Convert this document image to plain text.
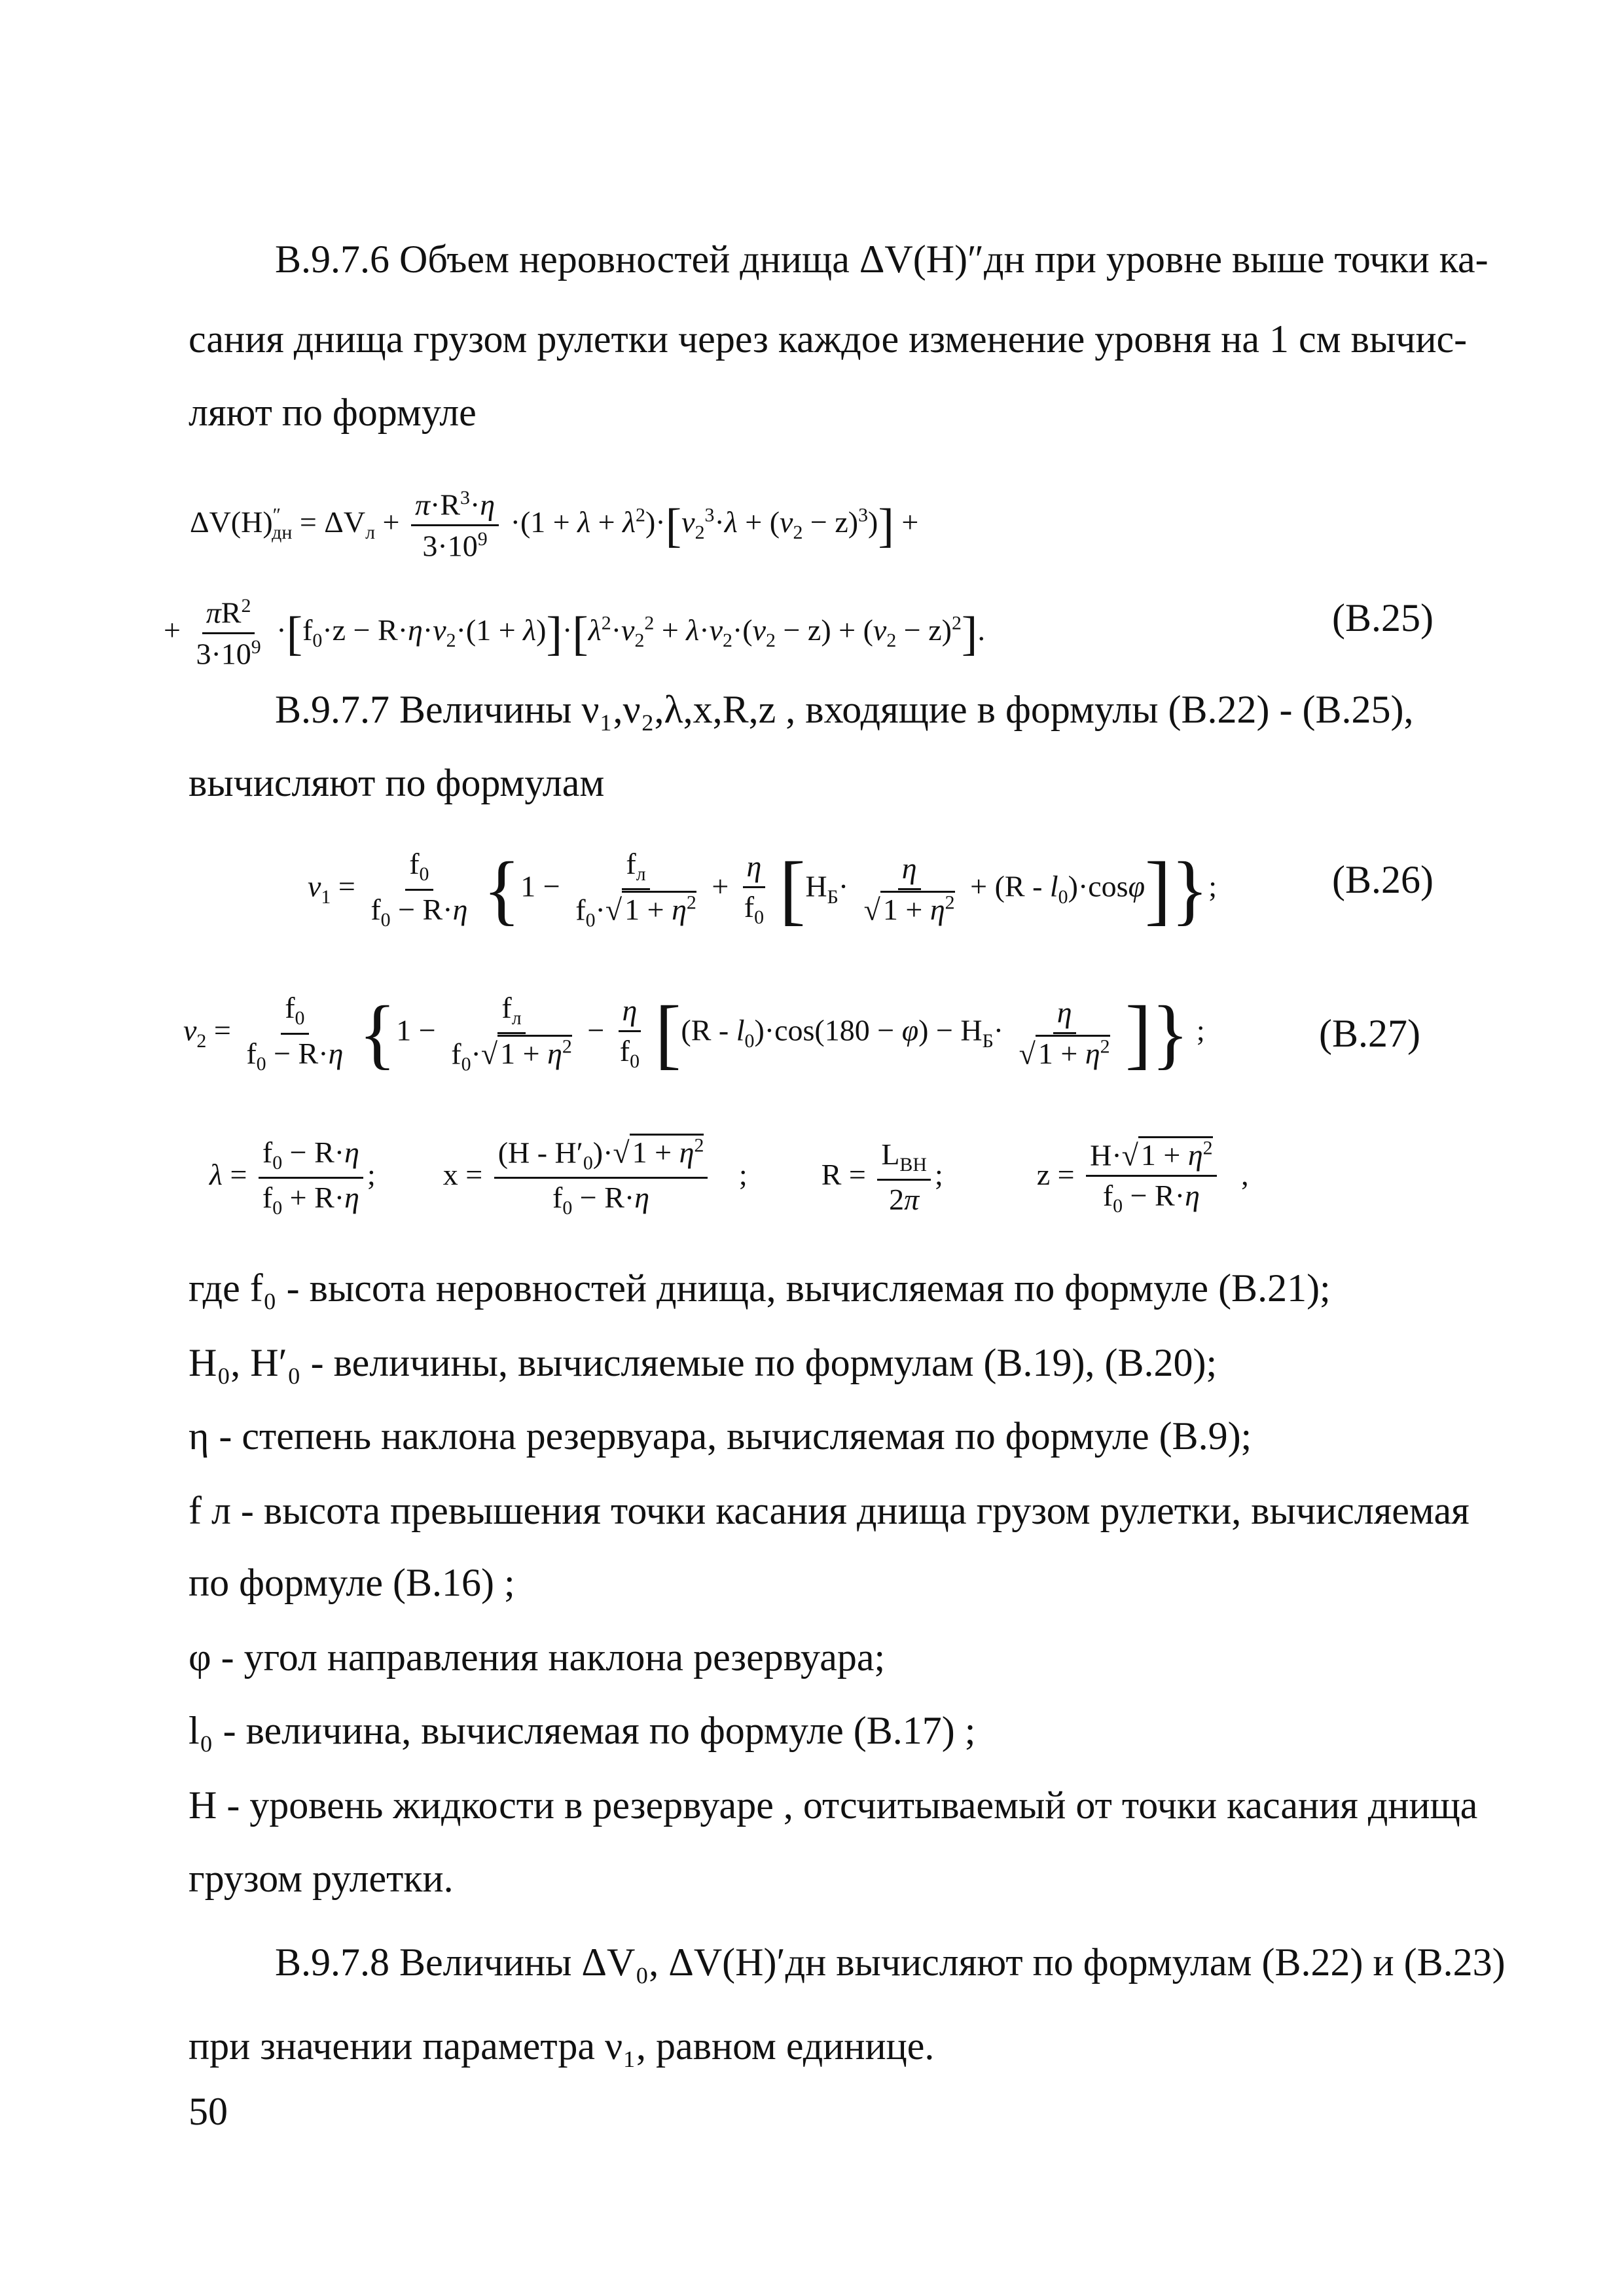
В.9.7.6 Объем неровностей днища ΔV(H)″дн при уровне выше точки ка-
сания днища грузом рулетки через каждое изменение уровня на 1 см вычис-
ляют по формуле
$\Delta V(H)''_{дн} = \Delta V_л + \frac{\pi\cdot R^3\cdot\eta}{3\cdot 10^9} \cdot(1 + \lambda + \lambda^2)\cdot[\nu_2^3\cdot\lambda + (\nu_2 - z)^3)$] +
+ $\frac{\pi R^2}{3\cdot 10^9} \cdot[f_0\cdot z - R\cdot\eta\cdot\nu_2\cdot(1 + \lambda)]\cdot[\lambda^2\cdot\nu_2^2 + \lambda\cdot\nu_2\cdot(\nu_2 - z) + (\nu_2 - z)^2]$.	(В.25)
В.9.7.7 Величины ν₁,ν₂,λ,x,R,z , входящие в формулы (В.22) - (В.25),
вычисляют по формулам
$\nu_1 = \frac{f_0}{f_0 - R\cdot\eta} \{1 - \frac{f_л}{f_0\cdot√1 + \eta^2} + \frac{\eta}{f_0} [H_Б\cdot \frac{\eta}{√1 + \eta^2} + (R - l_0)\cdot\cos\varphi]\}$;	(В.26)
$\nu_2 = \frac{f_0}{f_0 - R\cdot\eta} \{1 - \frac{f_л}{f_0\cdot√1 + \eta^2} - \frac{\eta}{f_0} [(R - l_0)\cdot\cos(180 - \varphi) - H_Б\cdot \frac{\eta}{√1 + \eta^2}$ ]} ;	(В.27)
$\lambda = \frac{f_0 - R\cdot\eta}{f_0 + R\cdot\eta}$ ;  $x = \frac{(H - H'_0)\cdot√1 + \eta^2}{f_0 - R\cdot\eta}$ ;  $R = \frac{L_{ВН}}{2\pi}$ ;	$z = \frac{H\cdot√1 + \eta^2}{f_0 - R\cdot\eta}$ ,
где f₀ - высота неровностей днища, вычисляемая по формуле (В.21);
H₀, H′₀ - величины, вычисляемые по формулам (В.19), (В.20);
η - степень наклона резервуара, вычисляемая по формуле (В.9);
f л - высота превышения точки касания днища грузом рулетки, вычисляемая
по формуле (В.16) ;
φ - угол направления наклона резервуара;
l₀ - величина, вычисляемая по формуле (В.17) ;
H - уровень жидкости в резервуаре , отсчитываемый от точки касания днища
грузом рулетки.
В.9.7.8 Величины ΔV₀, ΔV(H)′дн вычисляют по формулам (В.22) и (В.23)
при значении параметра ν₁, равном единице.
50
